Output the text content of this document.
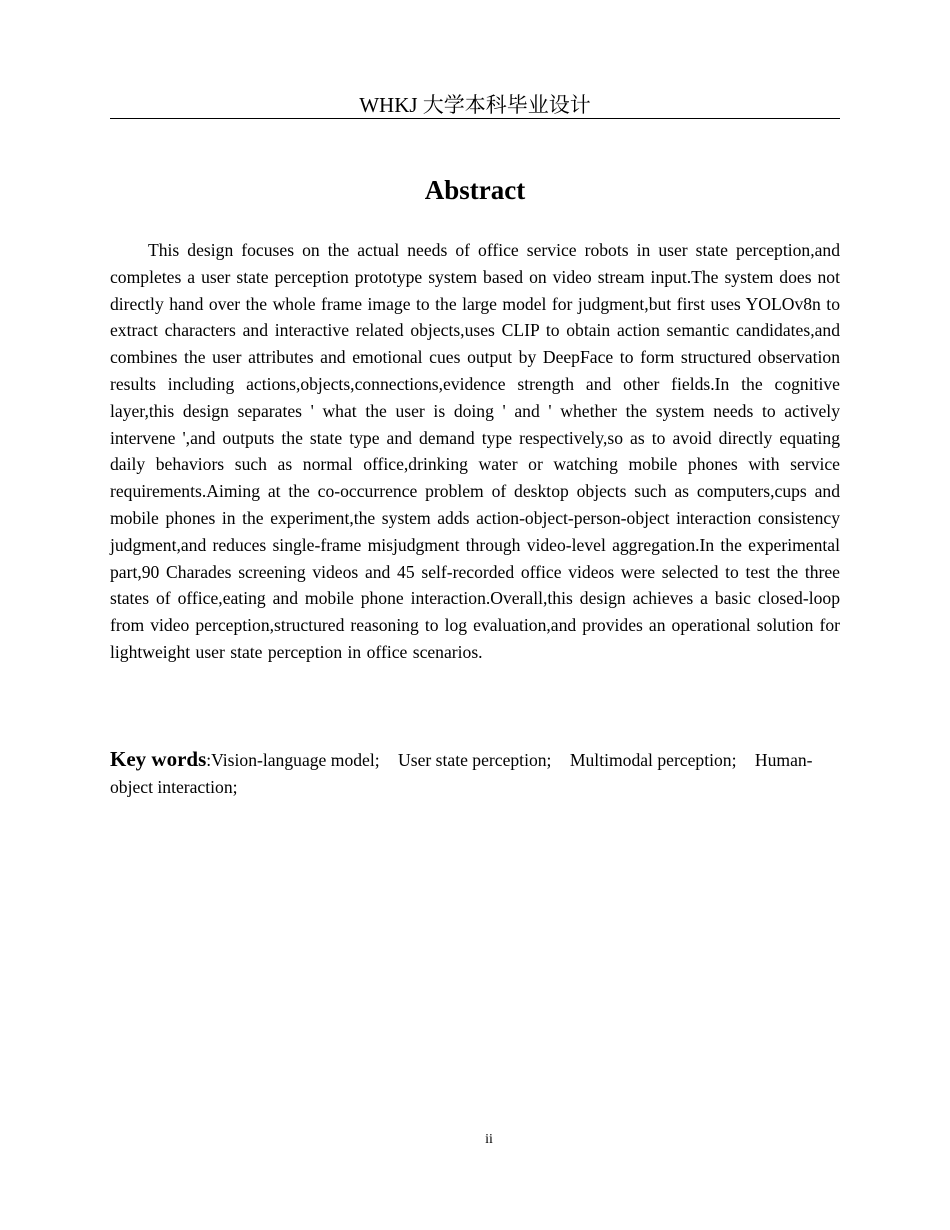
WHKJ 大学本科毕业设计
Abstract

This design focuses on the actual needs of office service robots in user state perception,and completes a user state perception prototype system based on video stream input.The system does not directly hand over the whole frame image to the large model for judgment,but first uses YOLOv8n to extract characters and interactive related objects,uses CLIP to obtain action semantic candidates,and combines the user attributes and emotional cues output by DeepFace to form structured observation results including actions,objects,connections,evidence strength and other fields.In the cognitive layer,this design separates ' what the user is doing ' and ' whether the system needs to actively intervene ',and outputs the state type and demand type respectively,so as to avoid directly equating daily behaviors such as normal office,drinking water or watching mobile phones with service requirements.Aiming at the co-occurrence problem of desktop objects such as computers,cups and mobile phones in the experiment,the system adds action-object-person-object interaction consistency judgment,and reduces single-frame misjudgment through video-level aggregation.In the experimental part,90 Charades screening videos and 45 self-recorded office videos were selected to test the three states of office,eating and mobile phone interaction.Overall,this design achieves a basic closed-loop from video perception,structured reasoning to log evaluation,and provides an operational solution for lightweight user state perception in office scenarios.

Key words:Vision-language model; User state perception; Multimodal perception; Human-object interaction;

ii
